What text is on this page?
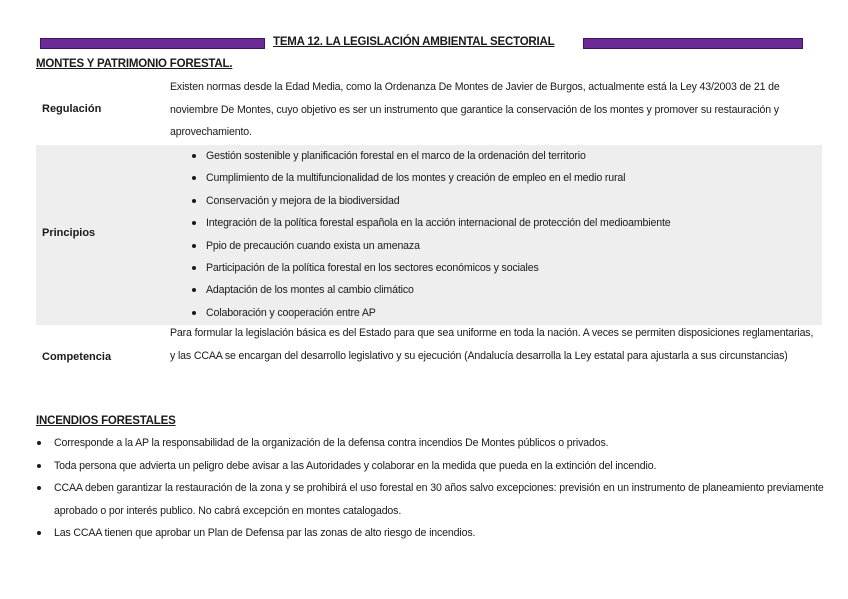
TEMA 12. LA LEGISLACIÓN AMBIENTAL SECTORIAL
MONTES Y PATRIMONIO FORESTAL.
Regulación
Existen normas desde la Edad Media, como la Ordenanza De Montes de Javier de Burgos, actualmente está la Ley 43/2003 de 21 de noviembre De Montes, cuyo objetivo es ser un instrumento que garantice la conservación de los montes y promover su restauración y aprovechamiento.
Principios
Gestión sostenible y planificación forestal en el marco de la ordenación del territorio
Cumplimiento de la multifuncionalidad de los montes y creación de empleo en el medio rural
Conservación y mejora de la biodiversidad
Integración de la política forestal española en la acción internacional de protección del medioambiente
Ppio de precaución cuando exista un amenaza
Participación de la política forestal en los sectores económicos y sociales
Adaptación de los montes al cambio climático
Colaboración y cooperación entre AP
Competencia
Para formular la legislación básica es del Estado para que sea uniforme en toda la nación. A veces se permiten disposiciones reglamentarias, y las CCAA se encargan del desarrollo legislativo y su ejecución (Andalucía desarrolla la Ley estatal para ajustarla a sus circunstancias)
INCENDIOS FORESTALES
Corresponde a la AP la responsabilidad de la organización de la defensa contra incendios De Montes públicos o privados.
Toda persona que advierta un peligro debe avisar a las Autoridades y colaborar en la medida que pueda en la extinción del incendio.
CCAA deben garantizar la restauración de la zona y se prohibirá el uso forestal en 30 años salvo excepciones: previsión en un instrumento de planeamiento previamente aprobado o por interés publico. No cabrá excepción en montes catalogados.
Las CCAA tienen que aprobar un Plan de Defensa par las zonas de alto riesgo de incendios.
